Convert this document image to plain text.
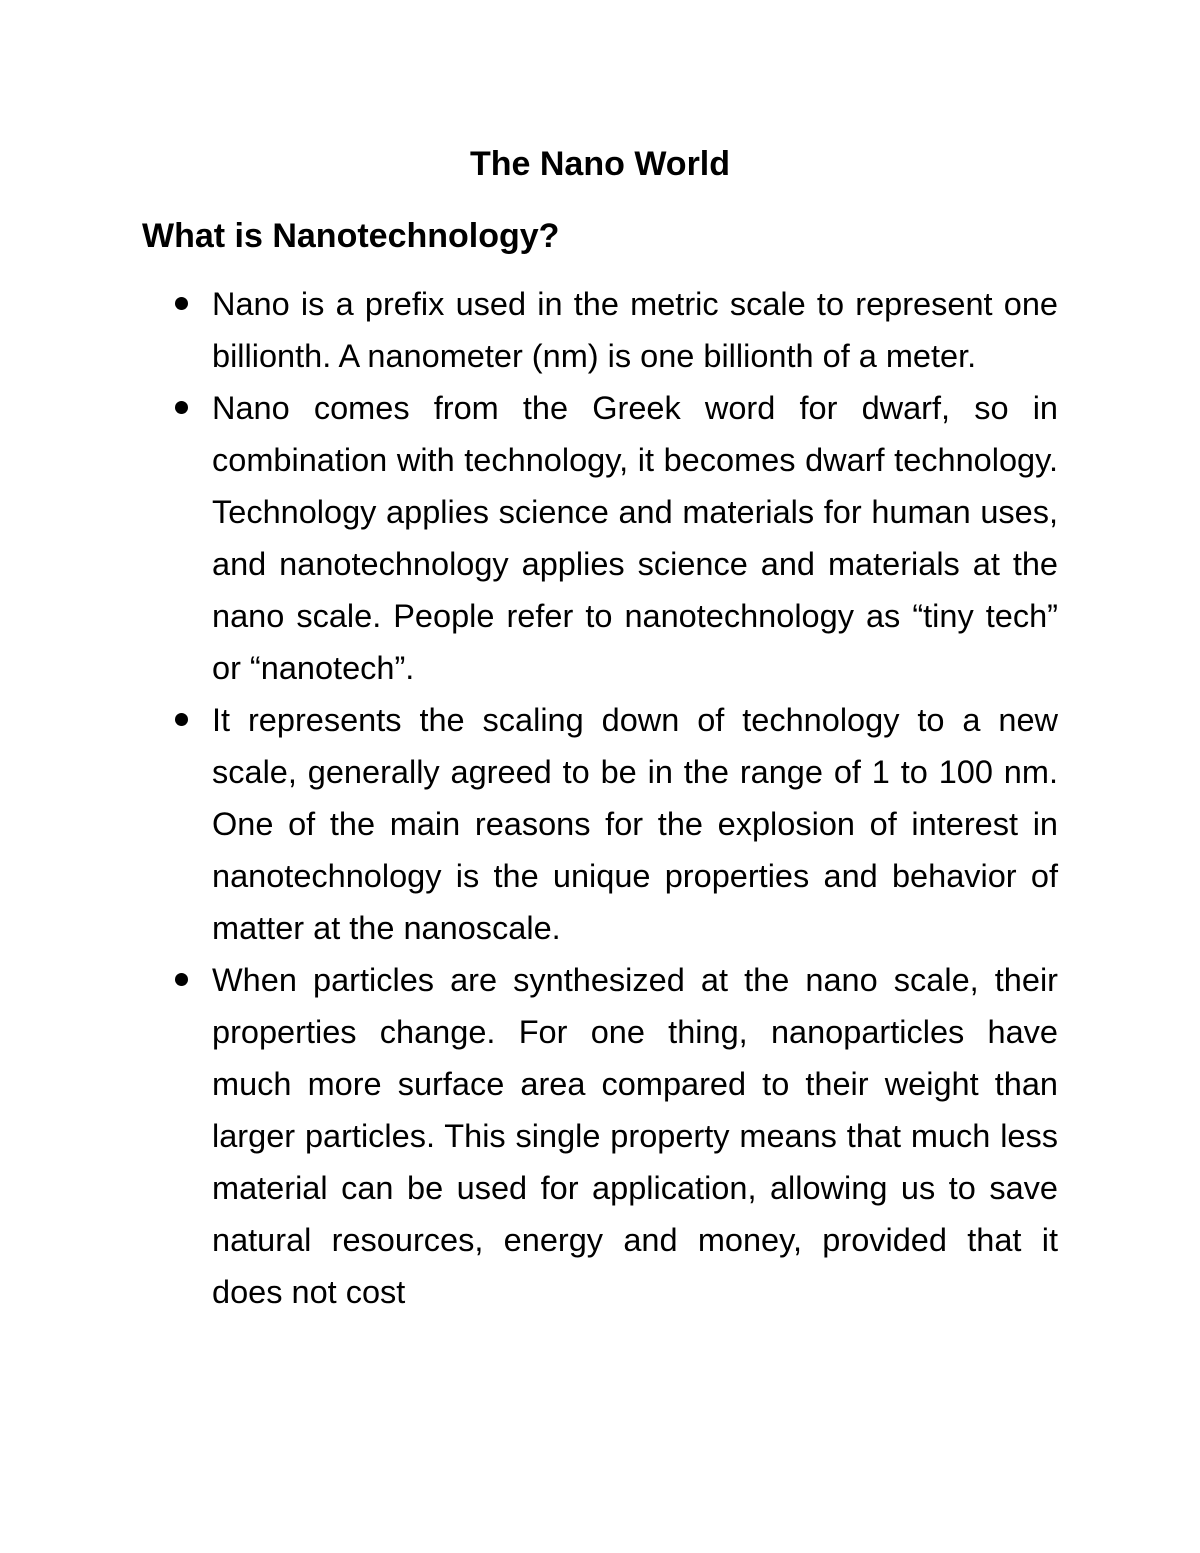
The Nano World
What is Nanotechnology?
Nano is a prefix used in the metric scale to represent one billionth. A nanometer (nm) is one billionth of a meter.
Nano comes from the Greek word for dwarf, so in combination with technology, it becomes dwarf technology. Technology applies science and materials for human uses, and nanotechnology applies science and materials at the nano scale. People refer to nanotechnology as “tiny tech” or “nanotech”.
It represents the scaling down of technology to a new scale, generally agreed to be in the range of 1 to 100 nm. One of the main reasons for the explosion of interest in nanotechnology is the unique properties and behavior of matter at the nanoscale.
When particles are synthesized at the nano scale, their properties change. For one thing, nanoparticles have much more surface area compared to their weight than larger particles. This single property means that much less material can be used for application, allowing us to save natural resources, energy and money, provided that it does not cost
